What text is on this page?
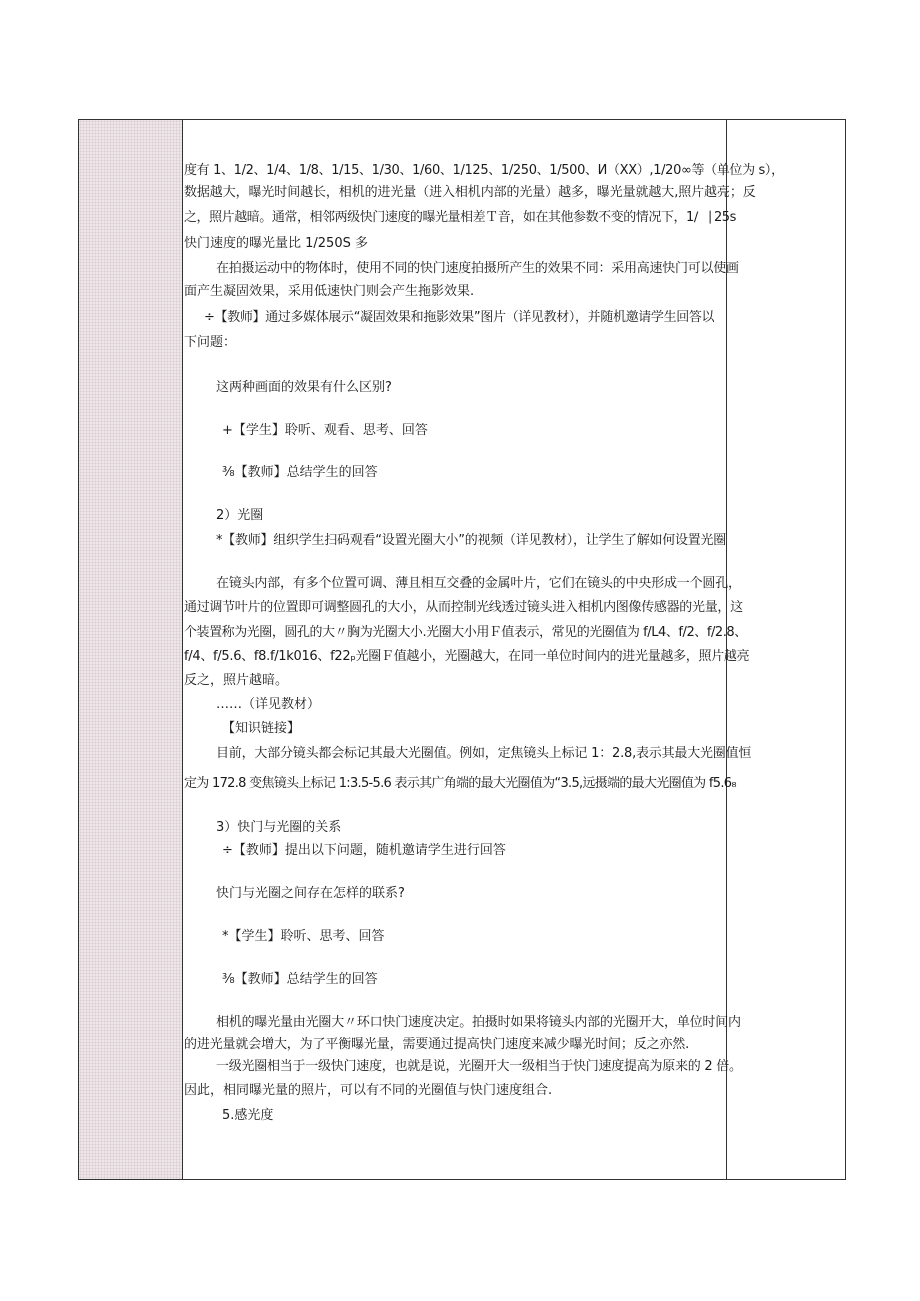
度有 1、1/2、1/4、1/8、1/15、1/30、1/60、1/125、1/250、1/500、И（XX）,1/20∞等（单位为 s），
数据越大，曝光时间越长，相机的进光量（进入相机内部的光量）越多，曝光量就越大,照片越亮；反
之，照片越暗。通常，相邻两级快门速度的曝光量相差Ｔ音，如在其他参数不变的情况下，1∕⎹ 25s
快门速度的曝光量比 1/250S 多
在拍摄运动中的物体时，使用不同的快门速度拍摄所产生的效果不同：采用高速快门可以使画
面产生凝固效果，采用低速快门则会产生拖影效果.
÷【教师】通过多媒体展示“凝固效果和拖影效果”图片（详见教材），并随机邀请学生回答以
下问题：
这两种画面的效果有什么区别?
+【学生】聆听、观看、思考、回答
⅜【教师】总结学生的回答
2）光圈
*【教师】组织学生扫码观看“设置光圈大小”的视频（详见教材），让学生了解如何设置光圈
在镜头内部，有多个位置可调、薄且相互交叠的金属叶片，它们在镜头的中央形成一个圆孔，
通过调节叶片的位置即可调整圆孔的大小，从而控制光线透过镜头进入相机内图像传感器的光量，这
个装置称为光圈，圆孔的大〃胸为光圈大小.光圈大小用Ｆ值表示，常见的光圈值为 f/L4、f/2、f/2.8、
f/4、f/5.6、f8.f/1k016、f22ₚ光圈Ｆ值越小，光圈越大，在同一单位时间内的进光量越多，照片越亮
反之，照片越暗。
……（详见教材）
【知识链接】
目前，大部分镜头都会标记其最大光圈值。例如，定焦镜头上标记 1：2.8,表示其最大光圈值恒
定为 172.8 变焦镜头上标记 1:3.5-5.6 表示其广角端的最大光圈值为“3.5,远摄端的最大光圈值为 f5.6₈
3）快门与光圈的关系
÷【教师】提出以下问题，随机邀请学生进行回答
快门与光圈之间存在怎样的联系?
*【学生】聆听、思考、回答
⅜【教师】总结学生的回答
相机的曝光量由光圈大〃环口快门速度决定。拍摄时如果将镜头内部的光圈开大，单位时间内
的进光量就会增大，为了平衡曝光量，需要通过提高快门速度来减少曝光时间；反之亦然.
一级光圈相当于一级快门速度，也就是说，光圈开大一级相当于快门速度提高为原来的 2 倍。
因此，相同曝光量的照片，可以有不同的光圈值与快门速度组合.
5.感光度
